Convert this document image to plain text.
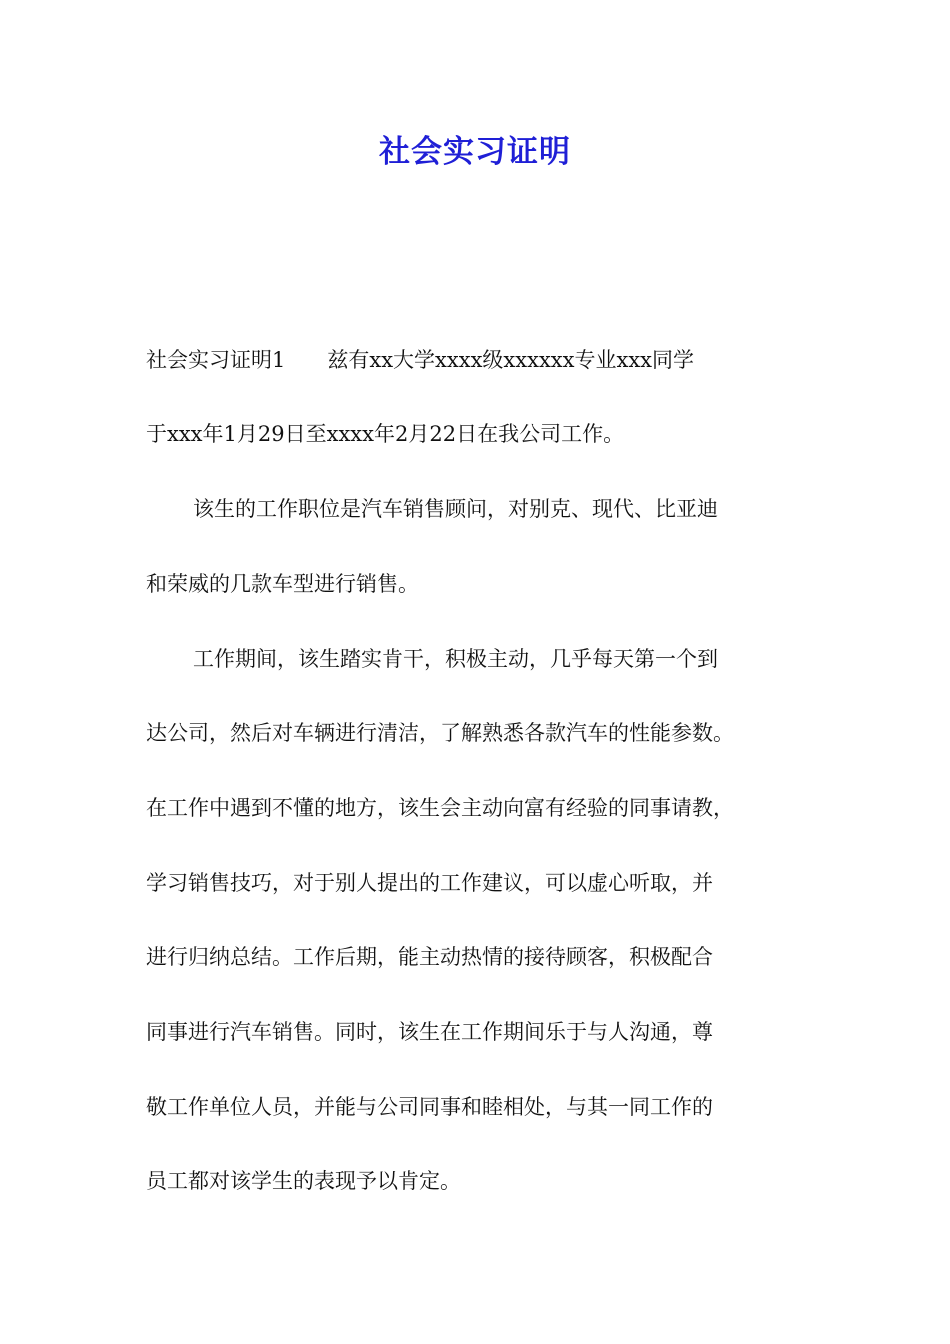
社会实习证明
社会实习证明1　　兹有xx大学xxxx级xxxxxx专业xxx同学
于xxx年1月29日至xxxx年2月22日在我公司工作。
该生的工作职位是汽车销售顾问，对别克、现代、比亚迪
和荣威的几款车型进行销售。
工作期间，该生踏实肯干，积极主动，几乎每天第一个到
达公司，然后对车辆进行清洁，了解熟悉各款汽车的性能参数。
在工作中遇到不懂的地方，该生会主动向富有经验的同事请教，
学习销售技巧，对于别人提出的工作建议，可以虚心听取，并
进行归纳总结。工作后期，能主动热情的接待顾客，积极配合
同事进行汽车销售。同时，该生在工作期间乐于与人沟通，尊
敬工作单位人员，并能与公司同事和睦相处，与其一同工作的
员工都对该学生的表现予以肯定。
